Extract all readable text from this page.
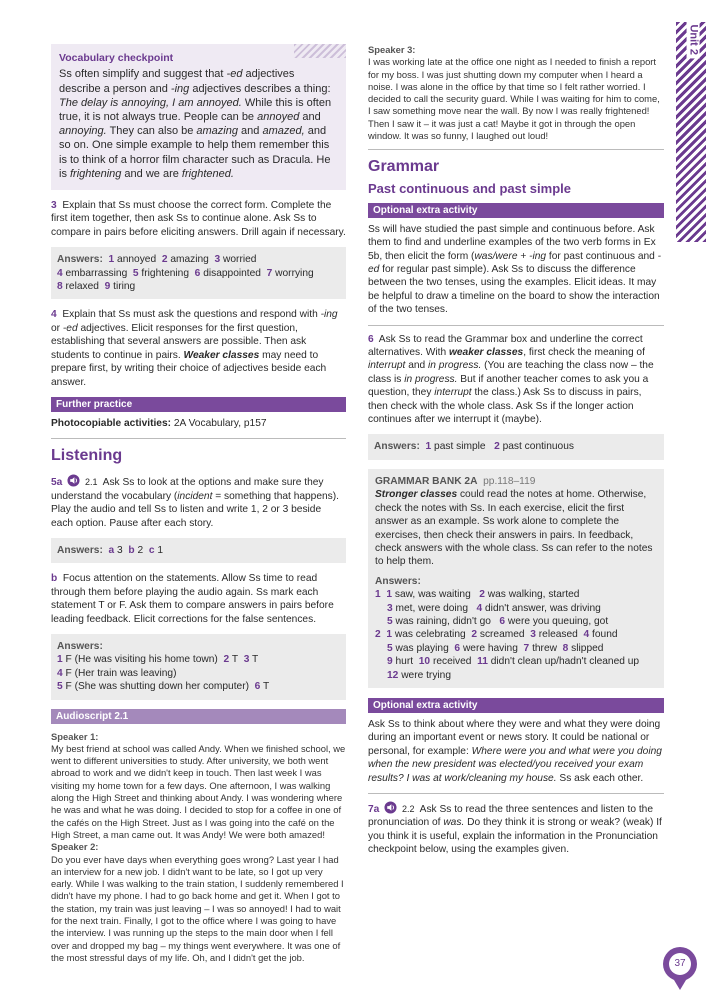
Unit 2
Vocabulary checkpoint
Ss often simplify and suggest that -ed adjectives describe a person and -ing adjectives describes a thing: The delay is annoying, I am annoyed. While this is often true, it is not always true. People can be annoyed and annoying. They can also be amazing and amazed, and so on. One simple example to help them remember this is to think of a horror film character such as Dracula. He is frightening and we are frightened.

3 Explain that Ss must choose the correct form. Complete the first item together, then ask Ss to continue alone. Ask Ss to compare in pairs before eliciting answers. Drill again if necessary.

Answers: 1 annoyed 2 amazing 3 worried
4 embarrassing 5 frightening 6 disappointed 7 worrying
8 relaxed 9 tiring

4 Explain that Ss must ask the questions and respond with -ing or -ed adjectives. Elicit responses for the first question, establishing that several answers are possible. Then ask students to continue in pairs. Weaker classes may need to prepare first, by writing their choice of adjectives beside each answer.

Further practice

Photocopiable activities: 2A Vocabulary, p157

Listening

5a	2.1 Ask Ss to look at the options and make sure they understand the vocabulary (incident = something that happens). Play the audio and tell Ss to listen and write 1, 2 or 3 beside each option. Pause after each story.

Answers: a 3 b 2 c 1

b Focus attention on the statements. Allow Ss time to read through them before playing the audio again. Ss mark each statement T or F. Ask them to compare answers in pairs before leading feedback. Elicit corrections for the false sentences.

Answers:
1 F (He was visiting his home town) 2 T 3 T
4 F (Her train was leaving)
5 F (She was shutting down her computer) 6 T
Audioscript 2.1
Speaker 1:
My best friend at school was called Andy. When we finished school, we went to different universities to study. After university, we both went abroad to work and we didn't keep in touch. Then last week I was visiting my home town for a few days. One afternoon, I was walking along the High Street and thinking about Andy. I was wondering where he was and what he was doing. I decided to stop for a coffee in one of the cafés on the High Street. Just as I was going into the café on the High Street, a man came out. It was Andy! We were both amazed!
Speaker 2:
Do you ever have days when everything goes wrong? Last year I had an interview for a new job. I didn't want to be late, so I got up very early. While I was walking to the train station, I suddenly remembered I didn't have my phone. I had to go back home and get it. When I got to the station, my train was just leaving – I was so annoyed! I had to wait for the next train. Finally, I got to the office where I was going to have the interview. I was running up the steps to the main door when I fell over and dropped my bag – my things went everywhere. It was one of the most stressful days of my life. Oh, and I didn't get the job.
Speaker 3:
I was working late at the office one night as I needed to finish a report for my boss. I was just shutting down my computer when I heard a noise. I was alone in the office by that time so I felt rather worried. I decided to call the security guard. While I was waiting for him to come, I saw something move near the wall. By now I was really frightened! Then I saw it – it was just a cat! Maybe it got in through the open window. It was so funny, I laughed out loud!
Grammar
Past continuous and past simple
Optional extra activity

Ss will have studied the past simple and continuous before. Ask them to find and underline examples of the two verb forms in Ex 5b, then elicit the form (was/were + -ing for past continuous and -ed for regular past simple). Ask Ss to discuss the difference between the two tenses, using the examples. Elicit ideas. It may be helpful to draw a timeline on the board to show the interaction of the two tenses.

6 Ask Ss to read the Grammar box and underline the correct alternatives. With weaker classes, first check the meaning of interrupt and in progress. (You are teaching the class now – the class is in progress. But if another teacher comes to ask you a question, they interrupt the class.) Ask Ss to discuss in pairs, then check with the whole class. Ask Ss if the longer action continues after we interrupt it (maybe).

Answers: 1 past simple 2 past continuous
GRAMMAR BANK 2A pp.118–119

Stronger classes could read the notes at home. Otherwise, check the notes with Ss. In each exercise, elicit the first answer as an example. Ss work alone to complete the exercises, then check their answers in pairs. In feedback, check answers with the whole class. Ss can refer to the notes to help them.

Answers:
1 1 saw, was waiting 2 was walking, started
3 met, were doing 4 didn't answer, was driving
5 was raining, didn't go 6 were you queuing, got
2 1 was celebrating 2 screamed 3 released 4 found
5 was playing 6 were having 7 threw 8 slipped
9 hurt 10 received 11 didn't clean up/hadn't cleaned up
12 were trying
Optional extra activity

Ask Ss to think about where they were and what they were doing during an important event or news story. It could be national or personal, for example: Where were you and what were you doing when the new president was elected/you received your exam results? I was at work/cleaning my house. Ss ask each other.

7a	2.2 Ask Ss to read the three sentences and listen to the pronunciation of was. Do they think it is strong or weak? (weak) If you think it is useful, explain the information in the Pronunciation checkpoint below, using the examples given.

37
